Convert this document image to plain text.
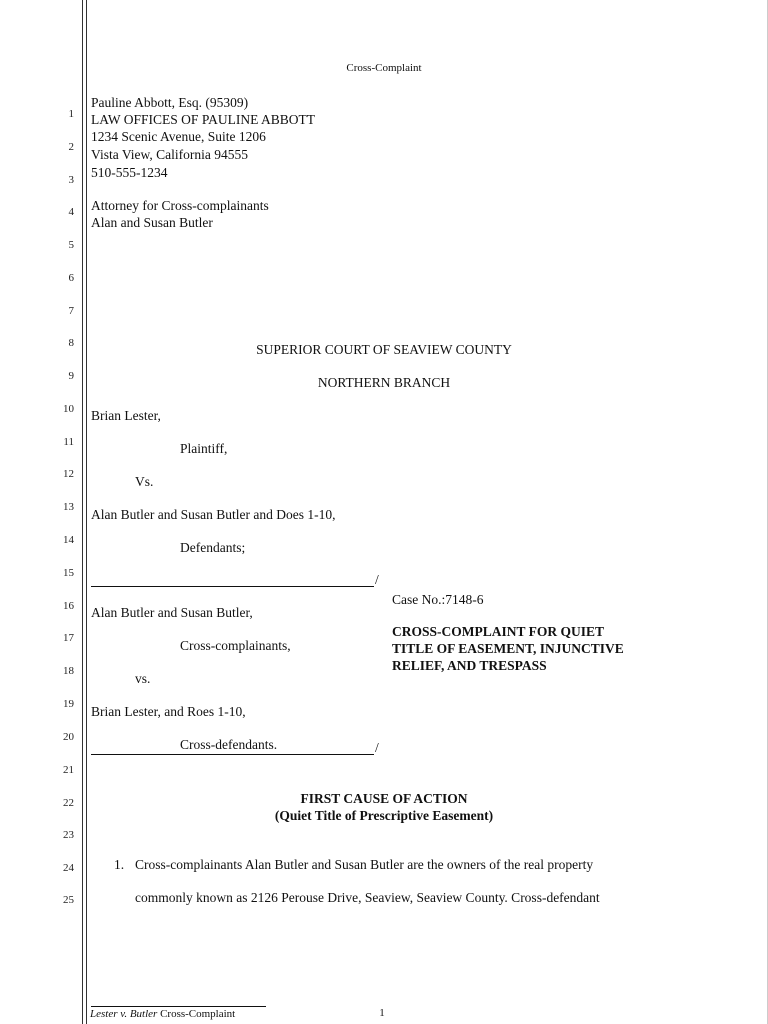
1
2
3
4
5
6
7
8
9
10
11
12
13
14
15
16
17
18
19
20
21
22
23
24
25
Cross-Complaint
Pauline Abbott, Esq. (95309)
LAW OFFICES OF PAULINE ABBOTT
1234 Scenic Avenue, Suite 1206
Vista View, California 94555
510-555-1234
Attorney for Cross-complainants
Alan and Susan Butler
SUPERIOR COURT OF SEAVIEW COUNTY
NORTHERN BRANCH
Brian Lester,
Plaintiff,
Vs.
Alan Butler and Susan Butler and Does 1-10,
Defendants;
/
Alan Butler and Susan Butler,
Cross-complainants,
vs.
Brian Lester, and Roes 1-10,
Cross-defendants.	/
Case No.:7148-6
CROSS-COMPLAINT FOR QUIET
TITLE OF EASEMENT, INJUNCTIVE
RELIEF, AND TRESPASS
FIRST CAUSE OF ACTION
(Quiet Title of Prescriptive Easement)
1. Cross-complainants Alan Butler and Susan Butler are the owners of the real property
commonly known as 2126 Perouse Drive, Seaview, Seaview County. Cross-defendant
Lester v. Butler Cross-Complaint	1
